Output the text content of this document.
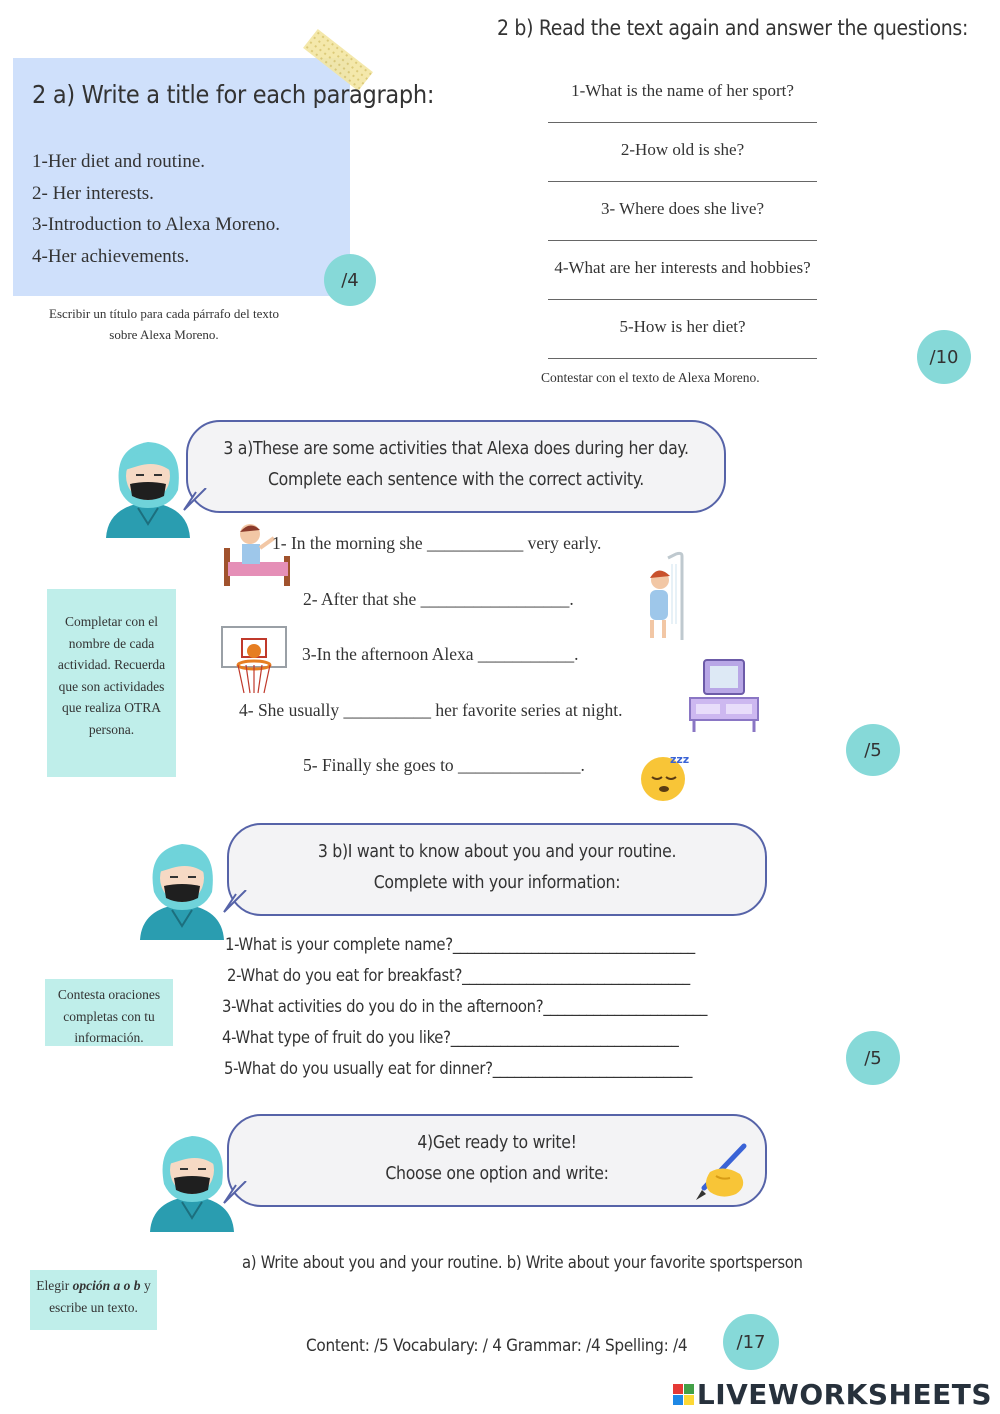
2 a) Write a title for each paragraph:
1-Her diet and routine.
2- Her interests.
3-Introduction to Alexa Moreno.
4-Her achievements.
/4
Escribir un título para cada párrafo del texto
sobre Alexa Moreno.
2 b) Read the text again and answer the questions:
1-What is the name of her sport?
2-How old is she?
3- Where does she live?
4-What are her interests and hobbies?
5-How is her diet?
Contestar con el texto de Alexa Moreno.
/10
3 a)These are some activities that Alexa does during her day.
Complete each sentence with the correct activity.
zzz
1- In the morning she ___________ very early.
2- After that she _________________.
3-In the afternoon Alexa ___________.
4- She usually __________ her favorite series at night.
5- Finally she goes to ______________.
Completar con el nombre de cada actividad. Recuerda que son actividades que realiza OTRA persona.
/5
3 b)I want to know about you and your routine.
Complete with your information:
1-What is your complete name?__________________________________
2-What do you eat for breakfast?________________________________
3-What activities do you do in the afternoon?_______________________
4-What type of fruit do you like?________________________________
5-What do you usually eat for dinner?____________________________
Contesta oraciones completas con tu información.
/5
4)Get ready to write!
Choose one option and write:
a) Write about you and your routine. b) Write about your favorite sportsperson
Elegir opción a o b y escribe un texto.
Content: /5 Vocabulary: / 4 Grammar: /4 Spelling: /4	/17
LIVEWORKSHEETS
